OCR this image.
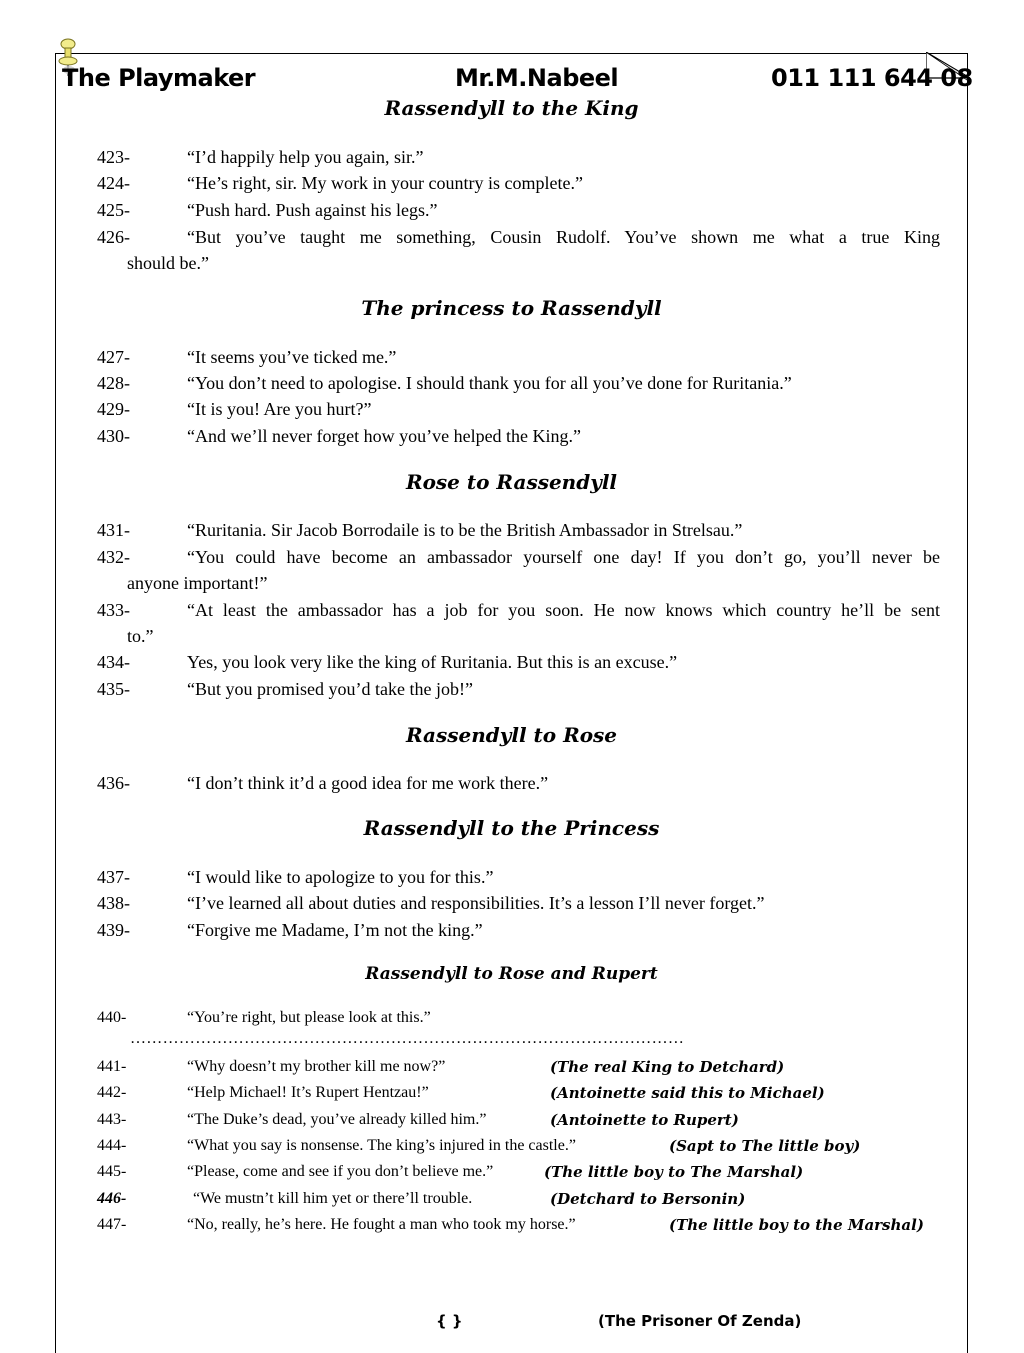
The Playmaker	Mr.M.Nabeel	011 111 644 08
Rassendyll to the King
423-	“I’d happily help you again, sir.”
424-	“He’s right, sir. My work in your country is complete.”
425-	“Push hard. Push against his legs.”
426-	“But you’ve taught me something, Cousin Rudolf. You’ve shown me what a true King
should be.”
The princess to Rassendyll
427-	“It seems you’ve ticked me.”
428-	“You don’t need to apologise. I should thank you for all you’ve done for Ruritania.”
429-	“It is you! Are you hurt?”
430-	“And we’ll never forget how you’ve helped the King.”
Rose to Rassendyll
431-	“Ruritania. Sir Jacob Borrodaile is to be the British Ambassador in Strelsau.”
432-	“You could have become an ambassador yourself one day! If you don’t go, you’ll never be
anyone important!”
433-	“At least the ambassador has a job for you soon. He now knows which country he’ll be sent
to.”
434-	Yes, you look very like the king of Ruritania. But this is an excuse.”
435-	“But you promised you’d take the job!”
Rassendyll to Rose
436-	“I don’t think it’d a good idea for me work there.”
Rassendyll to the Princess
437-	“I would like to apologize to you for this.”
438-	“I’ve learned all about duties and responsibilities. It’s a lesson I’ll never forget.”
439-	“Forgive me Madame, I’m not the king.”
Rassendyll to Rose and Rupert
440-	“You’re right, but please look at this.”
…………………………………………………………………………………………
441-	“Why doesn’t my brother kill me now?”	(The real King to Detchard)
442-	“Help Michael! It’s Rupert Hentzau!”	(Antoinette said this to Michael)
443-	“The Duke’s dead, you’ve already killed him.”	(Antoinette to Rupert)
444-	“What you say is nonsense. The king’s injured in the castle.”	(Sapt to The little boy)
445-	“Please, come and see if you don’t believe me.”	(The little boy to The Marshal)
446-	“We mustn’t kill him yet or there’ll trouble.	(Detchard to Bersonin)
447-	“No, really, he’s here. He fought a man who took my horse.”	(The little boy to the Marshal)
{ }	(The Prisoner Of Zenda)
